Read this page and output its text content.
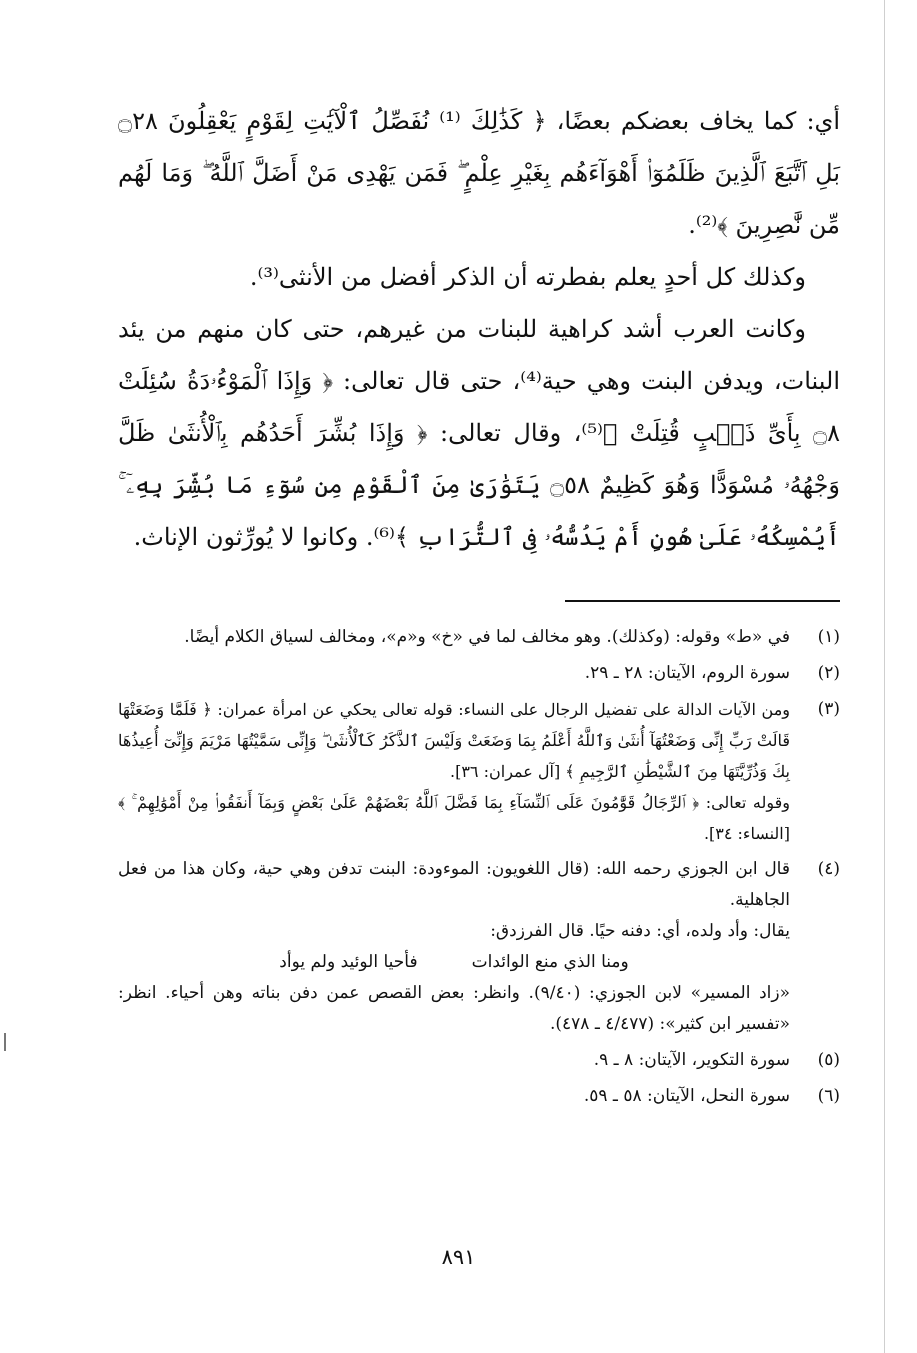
أي: كما يخاف بعضكم بعضًا، ﴿ كَذَٰلِكَ ⁽¹⁾ نُفَصِّلُ ٱلْآيَٰتِ لِقَوْمٍ يَعْقِلُونَ ۝٢٨ بَلِ ٱتَّبَعَ ٱلَّذِينَ ظَلَمُوٓا۟ أَهْوَآءَهُم بِغَيْرِ عِلْمٍ ۖ فَمَن يَهْدِى مَنْ أَضَلَّ ٱللَّهُ ۖ وَمَا لَهُم مِّن نَّٰصِرِينَ ﴾⁽²⁾.

وكذلك كل أحدٍ يعلم بفطرته أن الذكر أفضل من الأنثى⁽³⁾.

وكانت العرب أشد كراهية للبنات من غيرهم، حتى كان منهم من يئد البنات، ويدفن البنت وهي حية⁽⁴⁾، حتى قال تعالى: ﴿ وَإِذَا ٱلْمَوْءُۥدَةُ سُئِلَتْ ۝٨ بِأَىِّ ذَنۢبٍ قُتِلَتْ ﴾⁽⁵⁾، وقال تعالى: ﴿ وَإِذَا بُشِّرَ أَحَدُهُم بِٱلْأُنثَىٰ ظَلَّ وَجْهُهُۥ مُسْوَدًّا وَهُوَ كَظِيمٌ ۝٥٨ يَتَوَٰرَىٰ مِنَ ٱلْقَوْمِ مِن سُوٓءِ مَا بُشِّرَ بِهِۦٓ ۚ أَيُمْسِكُهُۥ عَلَىٰ هُونٍ أَمْ يَدُسُّهُۥ فِى ٱلتُّرَابِ ﴾⁽⁶⁾. وكانوا لا يُورِّثون الإناث.

(١)

في «ط» وقوله: (وكذلك). وهو مخالف لما في «خ» و«م»، ومخالف لسياق الكلام أيضًا.

(٢)

سورة الروم، الآيتان: ٢٨ ـ ٢٩.

(٣)

ومن الآيات الدالة على تفضيل الرجال على النساء: قوله تعالى يحكي عن امرأة عمران: ﴿ فَلَمَّا وَضَعَتْهَا قَالَتْ رَبِّ إِنِّى وَضَعْتُهَآ أُنثَىٰ وَٱللَّهُ أَعْلَمُ بِمَا وَضَعَتْ وَلَيْسَ ٱلذَّكَرُ كَٱلْأُنثَىٰ ۖ وَإِنِّى سَمَّيْتُهَا مَرْيَمَ وَإِنِّىٓ أُعِيذُهَا بِكَ وَذُرِّيَّتَهَا مِنَ ٱلشَّيْطَٰنِ ٱلرَّجِيمِ ﴾ [آل عمران: ٣٦].

وقوله تعالى: ﴿ ٱلرِّجَالُ قَوَّٰمُونَ عَلَى ٱلنِّسَآءِ بِمَا فَضَّلَ ٱللَّهُ بَعْضَهُمْ عَلَىٰ بَعْضٍ وَبِمَآ أَنفَقُوا۟ مِنْ أَمْوَٰلِهِمْ ۚ ﴾ [النساء: ٣٤].

(٤)

قال ابن الجوزي رحمه الله: (قال اللغويون: الموءودة: البنت تدفن وهي حية، وكان هذا من فعل الجاهلية.

يقال: وأد ولده، أي: دفنه حيًا. قال الفرزدق:

ومنا الذي منع الوائدات          فأحيا الوئيد ولم يوأد

«زاد المسير» لابن الجوزي: (٩/٤٠). وانظر: بعض القصص عمن دفن بناته وهن أحياء. انظر: «تفسير ابن كثير»: (٤/٤٧٧ ـ ٤٧٨).

(٥)

سورة التكوير، الآيتان: ٨ ـ ٩.

(٦)

سورة النحل، الآيتان: ٥٨ ـ ٥٩.

٨٩١
